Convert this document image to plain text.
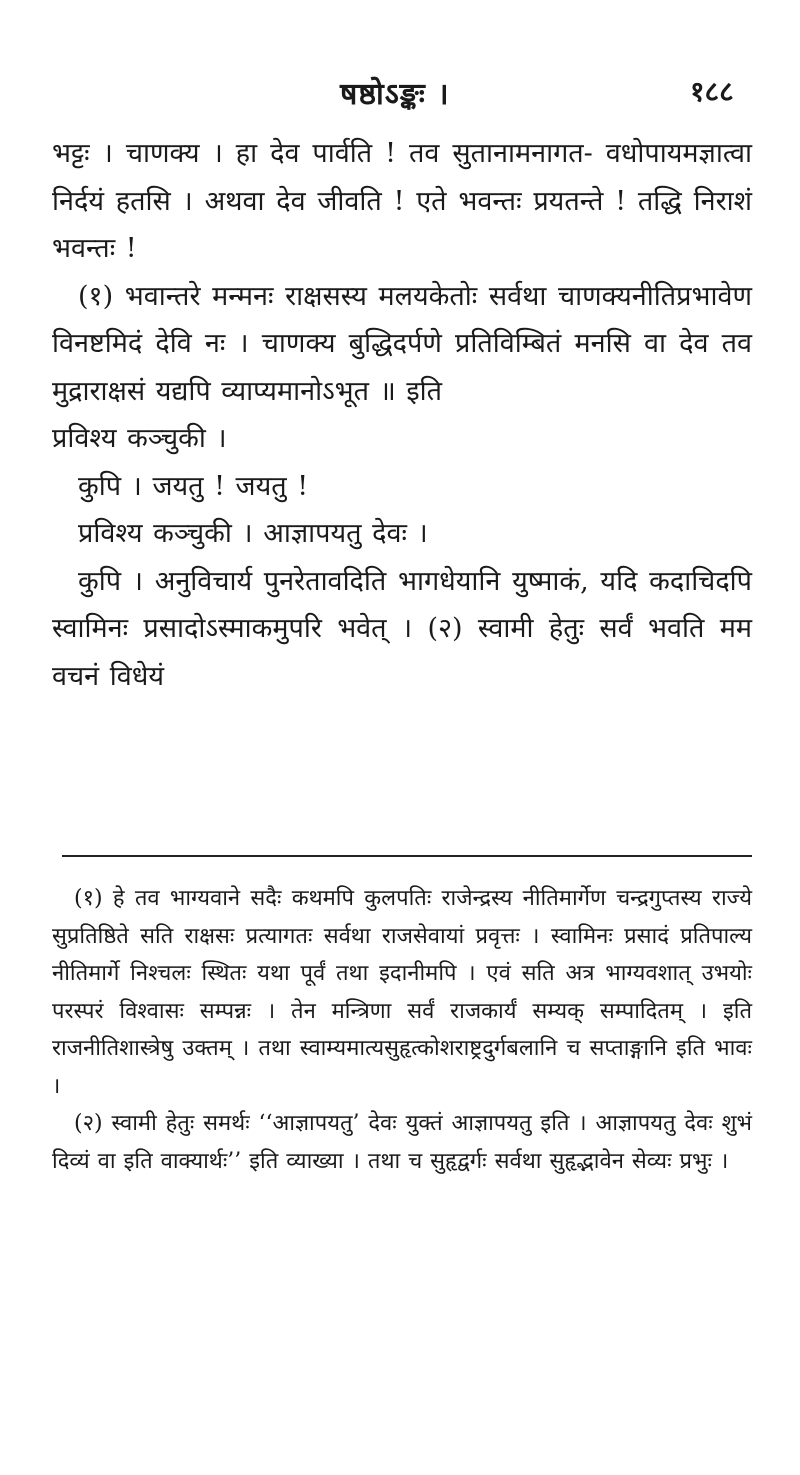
षष्ठोऽङ्कः ।	१८८

भट्टः । चाणक्य । हा देव पार्वति ! तव सुतानामनागत- वधोपायमज्ञात्वा निर्दयं हतसि । अथवा देव जीवति ! एते भवन्तः प्रयतन्ते ! तद्धि निराशं भवन्तः !

(१) भवान्तरे मन्मनः राक्षसस्य मलयकेतोः सर्वथा चाणक्यनीतिप्रभावेण विनष्टमिदं देवि नः । चाणक्य बुद्धिदर्पणे प्रतिविम्बितं मनसि वा देव तव मुद्राराक्षसं यद्यपि व्याप्यमानोऽभूत ॥ इति

प्रविश्य कञ्चुकी ।

कुपि । जयतु ! जयतु !

प्रविश्य कञ्चुकी । आज्ञापयतु देवः ।

कुपि । अनुविचार्य पुनरेतावदिति भागधेयानि युष्माकं, यदि कदाचिदपि स्वामिनः प्रसादोऽस्माकमुपरि भवेत् । (२) स्वामी हेतुः सर्वं भवति मम वचनं विधेयं

(१) हे तव भाग्यवाने सदैः कथमपि कुलपतिः राजेन्द्रस्य नीतिमार्गेण चन्द्रगुप्तस्य राज्ये सुप्रतिष्ठिते सति राक्षसः प्रत्यागतः सर्वथा राजसेवायां प्रवृत्तः । स्वामिनः प्रसादं प्रतिपाल्य नीतिमार्गे निश्चलः स्थितः यथा पूर्वं तथा इदानीमपि । एवं सति अत्र भाग्यवशात् उभयोः परस्परं विश्वासः सम्पन्नः । तेन मन्त्रिणा सर्वं राजकार्यं सम्यक् सम्पादितम् । इति राजनीतिशास्त्रेषु उक्तम् । तथा स्वाम्यमात्यसुहृत्कोशराष्ट्रदुर्गबलानि च सप्ताङ्गानि इति भावः ।

(२) स्वामी हेतुः समर्थः ‘‘आज्ञापयतु’ देवः युक्तं आज्ञापयतु इति । आज्ञापयतु देवः शुभं दिव्यं वा इति वाक्यार्थः’’ इति व्याख्या । तथा च सुहृद्वर्गः सर्वथा सुहृद्भावेन सेव्यः प्रभुः ।
